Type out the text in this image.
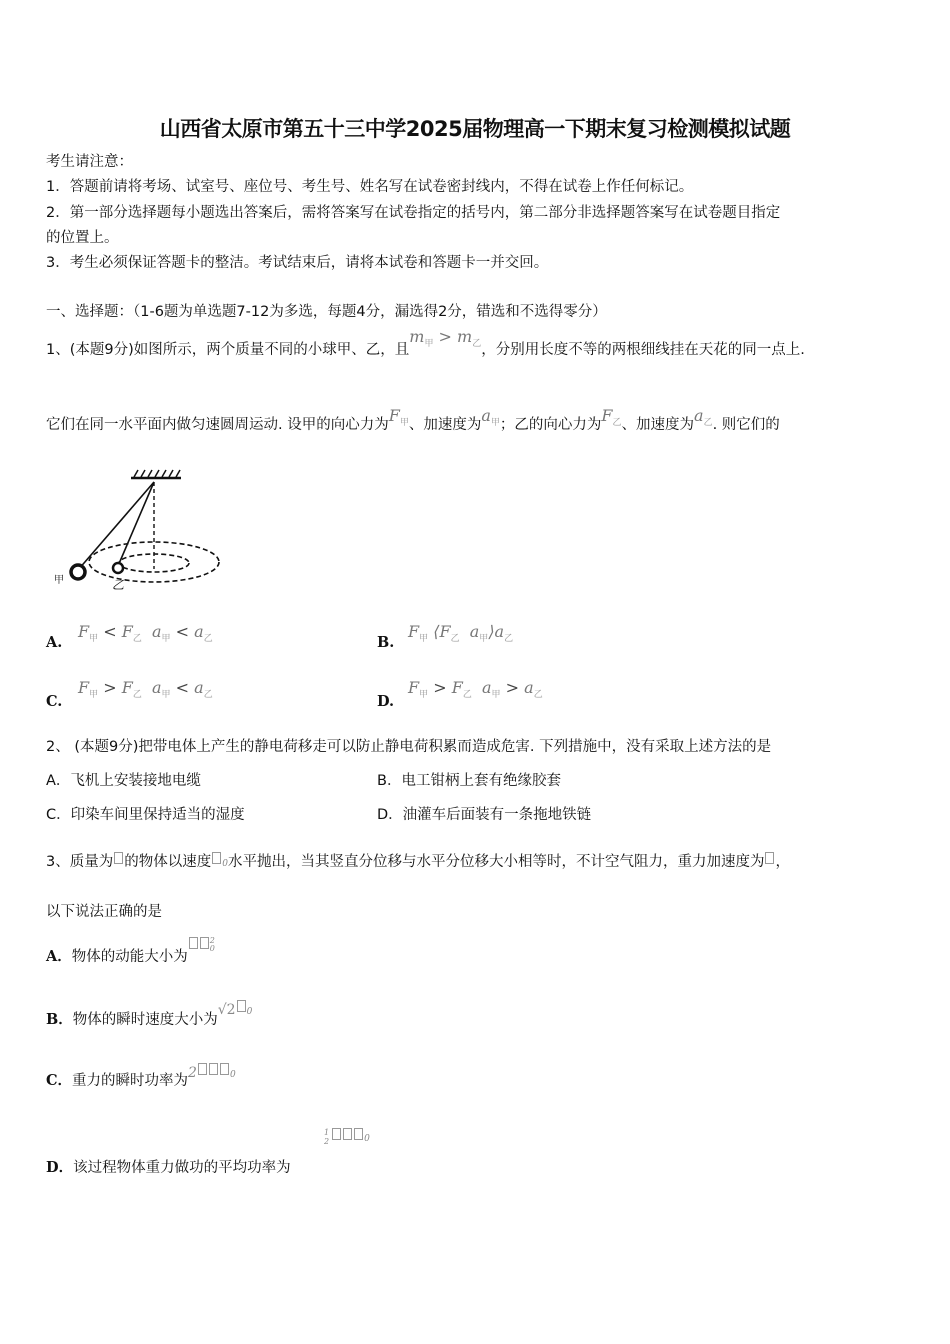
山西省太原市第五十三中学2025届物理高一下期末复习检测模拟试题
考生请注意：
1．答题前请将考场、试室号、座位号、考生号、姓名写在试卷密封线内，不得在试卷上作任何标记。
2．第一部分选择题每小题选出答案后，需将答案写在试卷指定的括号内，第二部分非选择题答案写在试卷题目指定
的位置上。
3．考生必须保证答题卡的整洁。考试结束后，请将本试卷和答题卡一并交回。
一、选择题：（1-6题为单选题7-12为多选，每题4分，漏选得2分，错选和不选得零分）
1、(本题9分)如图所示，两个质量不同的小球甲、乙，且$m_甲 > m_乙$，分别用长度不等的两根细线挂在天花的同一点上.
它们在同一水平面内做匀速圆周运动. 设甲的向心力为$F_甲$、加速度为$a_甲$；乙的向心力为$F_乙$、加速度为$a_乙$. 则它们的
甲	乙
A.
$F_甲 < F_乙$  $a_甲 < a_乙$	B.
$F_甲$ $⟨F_乙$  $a_甲⟩a_乙$
C.
$F_甲 > F_乙$  $a_甲 < a_乙$	D.
$F_甲 > F_乙$  $a_甲 > a_乙$
2、 (本题9分)把带电体上产生的静电荷移走可以防止静电荷积累而造成危害. 下列措施中，没有采取上述方法的是
A．飞机上安装接地电缆	B．电工钳柄上套有绝缘胶套
C．印染车间里保持适当的湿度	D．油灌车后面装有一条拖地铁链
3、质量为 的物体以速度 0水平抛出，当其竖直分位移与水平分位移大小相等时，不计空气阻力，重力加速度为 ，
以下说法正确的是
A．物体的动能大小为
2
0
B．物体的瞬时速度大小为√2 0
C．重力的瞬时功率为2	0
1
2	0
D．该过程物体重力做功的平均功率为
